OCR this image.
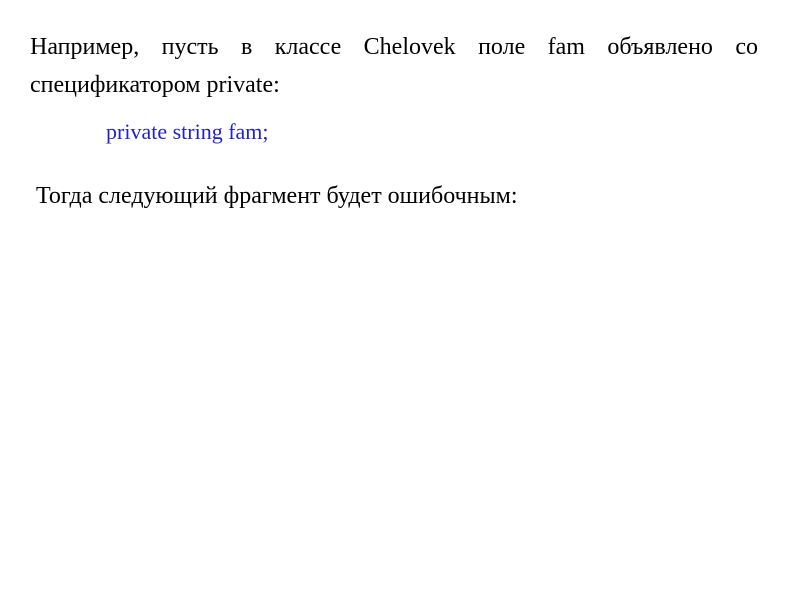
Например, пусть в классе Chelovek поле fam объявлено со спецификатором private:

private string fam;

Тогда следующий фрагмент будет ошибочным:
